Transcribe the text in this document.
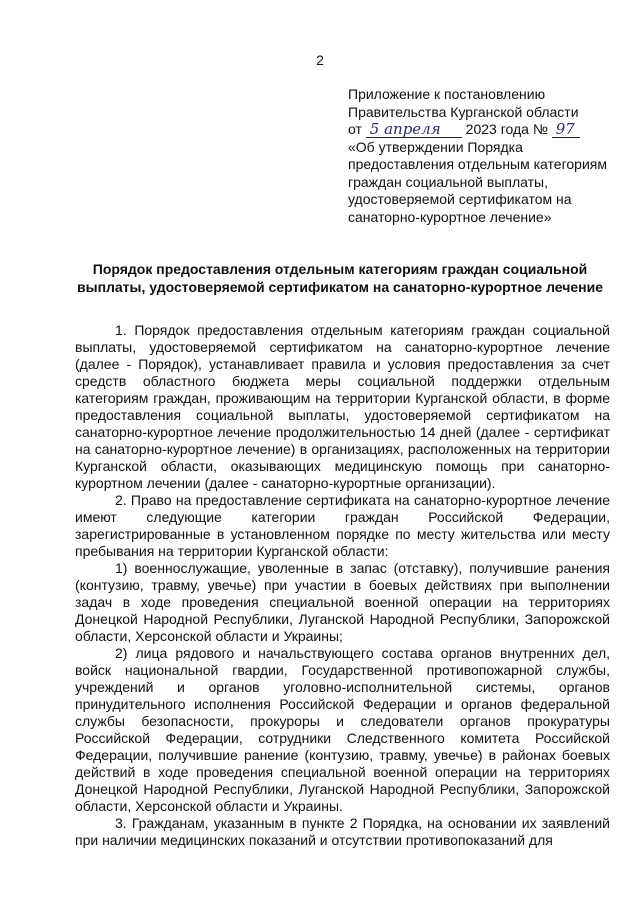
2
Приложение к постановлению
Правительства Курганской области
от 5 апреля 2023 года № 97
«Об утверждении Порядка
предоставления отдельным категориям
граждан социальной выплаты,
удостоверяемой сертификатом на
санаторно-курортное лечение»
Порядок предоставления отдельным категориям граждан социальной выплаты, удостоверяемой сертификатом на санаторно-курортное лечение

1. Порядок предоставления отдельным категориям граждан социальной выплаты, удостоверяемой сертификатом на санаторно-курортное лечение (далее - Порядок), устанавливает правила и условия предоставления за счет средств областного бюджета меры социальной поддержки отдельным категориям граждан, проживающим на территории Курганской области, в форме предоставления социальной выплаты, удостоверяемой сертификатом на санаторно-курортное лечение продолжительностью 14 дней (далее - сертификат на санаторно-курортное лечение) в организациях, расположенных на территории Курганской области, оказывающих медицинскую помощь при санаторно-курортном лечении (далее - санаторно-курортные организации).

2. Право на предоставление сертификата на санаторно-курортное лечение имеют следующие категории граждан Российской Федерации, зарегистрированные в установленном порядке по месту жительства или месту пребывания на территории Курганской области:

1) военнослужащие, уволенные в запас (отставку), получившие ранения (контузию, травму, увечье) при участии в боевых действиях при выполнении задач в ходе проведения специальной военной операции на территориях Донецкой Народной Республики, Луганской Народной Республики, Запорожской области, Херсонской области и Украины;

2) лица рядового и начальствующего состава органов внутренних дел, войск национальной гвардии, Государственной противопожарной службы, учреждений и органов уголовно-исполнительной системы, органов принудительного исполнения Российской Федерации и органов федеральной службы безопасности, прокуроры и следователи органов прокуратуры Российской Федерации, сотрудники Следственного комитета Российской Федерации, получившие ранение (контузию, травму, увечье) в районах боевых действий в ходе проведения специальной военной операции на территориях Донецкой Народной Республики, Луганской Народной Республики, Запорожской области, Херсонской области и Украины.

3. Гражданам, указанным в пункте 2 Порядка, на основании их заявлений при наличии медицинских показаний и отсутствии противопоказаний для
